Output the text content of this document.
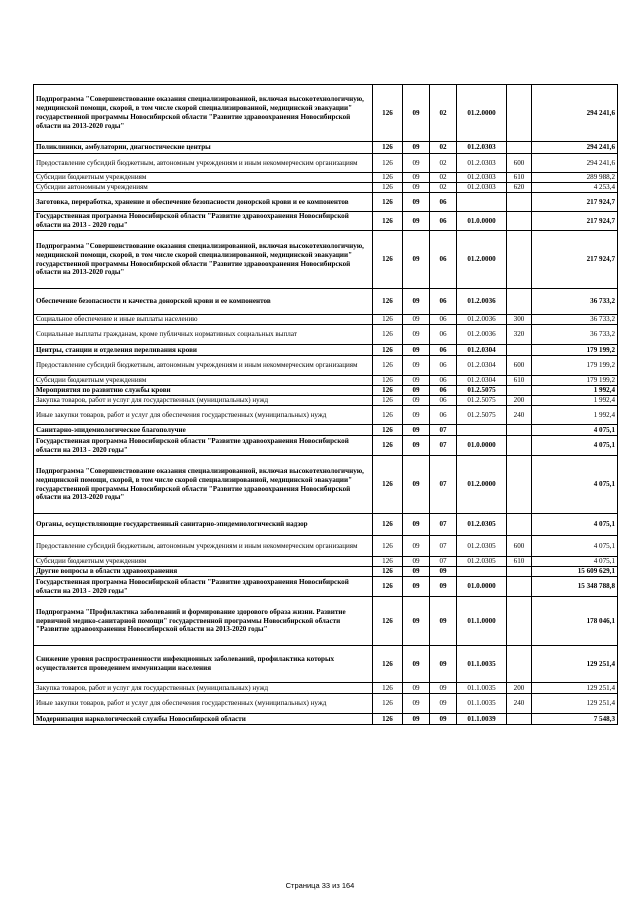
Подпрограмма "Совершенствование оказания специализированной, включая высокотехнологичную, медицинской помощи, скорой, в том числе скорой специализированной, медицинской эвакуации" государственной программы Новосибирской области "Развитие здравоохранения Новосибирской области на 2013-2020 годы"	126	09	02	01.2.0000		294 241,6
Поликлиники, амбулатории, диагностические центры	126	09	02	01.2.0303		294 241,6
Предоставление субсидий бюджетным, автономным учреждениям и иным некоммерческим организациям	126	09	02	01.2.0303	600	294 241,6
Субсидии бюджетным учреждениям	126	09	02	01.2.0303	610	289 988,2
Субсидии автономным учреждениям	126	09	02	01.2.0303	620	4 253,4
Заготовка, переработка, хранение и обеспечение безопасности донорской крови и ее компонентов	126	09	06			217 924,7
Государственная программа Новосибирской области "Развитие здравоохранения Новосибирской области на 2013 - 2020 годы"	126	09	06	01.0.0000		217 924,7
Подпрограмма "Совершенствование оказания специализированной, включая высокотехнологичную, медицинской помощи, скорой, в том числе скорой специализированной, медицинской эвакуации" государственной программы Новосибирской области "Развитие здравоохранения Новосибирской области на 2013-2020 годы"	126	09	06	01.2.0000		217 924,7
Обеспечение безопасности и качества донорской крови и ее компонентов	126	09	06	01.2.0036		36 733,2
Социальное обеспечение и иные выплаты населению	126	09	06	01.2.0036	300	36 733,2
Социальные выплаты гражданам, кроме публичных нормативных социальных выплат	126	09	06	01.2.0036	320	36 733,2
Центры, станции и отделения переливания крови	126	09	06	01.2.0304		179 199,2
Предоставление субсидий бюджетным, автономным учреждениям и иным некоммерческим организациям	126	09	06	01.2.0304	600	179 199,2
Субсидии бюджетным учреждениям	126	09	06	01.2.0304	610	179 199,2
Мероприятия по развитию службы крови	126	09	06	01.2.5075		1 992,4
Закупка товаров, работ и услуг для государственных (муниципальных) нужд	126	09	06	01.2.5075	200	1 992,4
Иные закупки товаров, работ и услуг для обеспечения государственных (муниципальных) нужд	126	09	06	01.2.5075	240	1 992,4
Санитарно-эпидемиологическое благополучие	126	09	07			4 075,1
Государственная программа Новосибирской области "Развитие здравоохранения Новосибирской области на 2013 - 2020 годы"	126	09	07	01.0.0000		4 075,1
Подпрограмма "Совершенствование оказания специализированной, включая высокотехнологичную, медицинской помощи, скорой, в том числе скорой специализированной, медицинской эвакуации" государственной программы Новосибирской области "Развитие здравоохранения Новосибирской области на 2013-2020 годы"	126	09	07	01.2.0000		4 075,1
Органы, осуществляющие государственный санитарно-эпидемиологический надзор	126	09	07	01.2.0305		4 075,1
Предоставление субсидий бюджетным, автономным учреждениям и иным некоммерческим организациям	126	09	07	01.2.0305	600	4 075,1
Субсидии бюджетным учреждениям	126	09	07	01.2.0305	610	4 075,1
Другие вопросы в области здравоохранения	126	09	09			15 609 629,1
Государственная программа Новосибирской области "Развитие здравоохранения Новосибирской области на 2013 - 2020 годы"	126	09	09	01.0.0000		15 348 788,8
Подпрограмма "Профилактика заболеваний и формирование здорового образа жизни. Развитие первичной медико-санитарной помощи" государственной программы Новосибирской области "Развитие здравоохранения Новосибирской области на 2013-2020 годы"	126	09	09	01.1.0000		178 046,1
Снижение уровня распространенности инфекционных заболеваний, профилактика которых осуществляется проведением иммунизации населения	126	09	09	01.1.0035		129 251,4
Закупка товаров, работ и услуг для государственных (муниципальных) нужд	126	09	09	01.1.0035	200	129 251,4
Иные закупки товаров, работ и услуг для обеспечения государственных (муниципальных) нужд	126	09	09	01.1.0035	240	129 251,4
Модернизация наркологической службы Новосибирской области	126	09	09	01.1.0039		7 548,3
Страница 33 из 164
